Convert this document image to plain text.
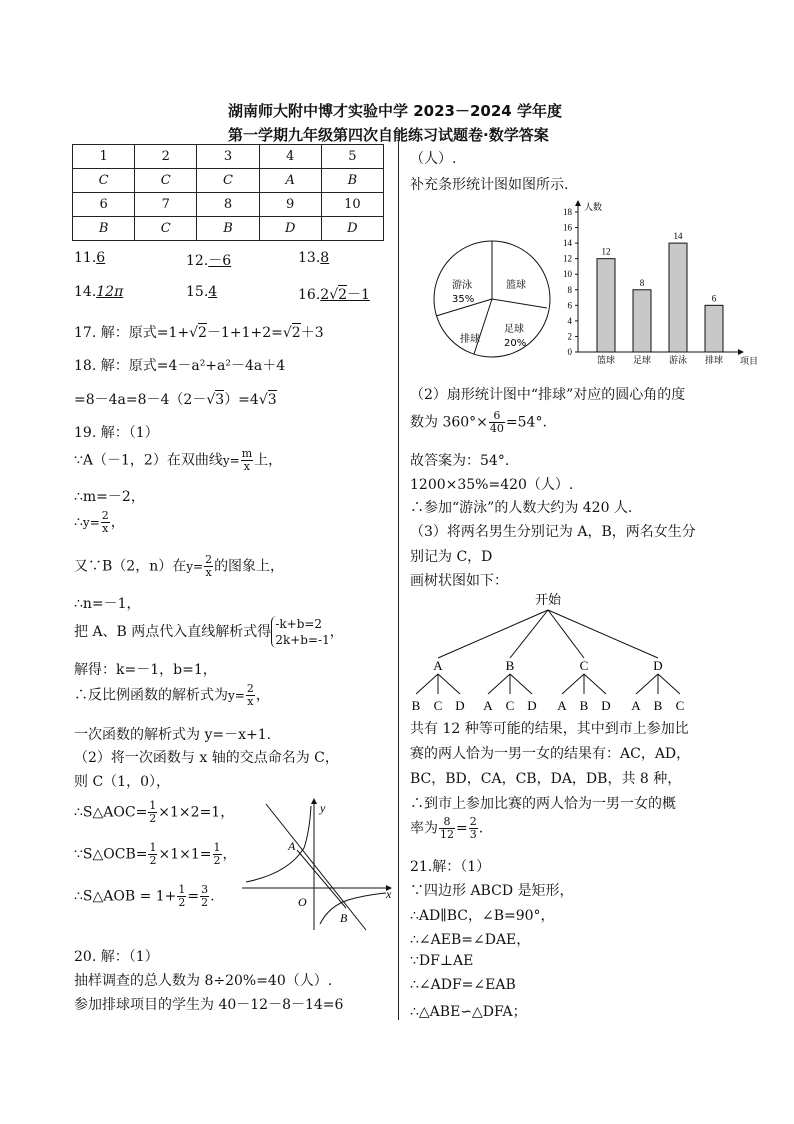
湖南师大附中博才实验中学 2023－2024 学年度
第一学期九年级第四次自能练习试题卷·数学答案
1	2	3	4	5
C	C	C	A	B
6	7	8	9	10
B	C	B	D	D
11.6	12.－6	13.8
14.12π	15.4	16.2√2－1
17. 解：原式=1+√2－1+1+2=√2＋3
18. 解：原式=4－a²+a²－4a＋4
=8－4a=8－4（2－√3）=4√3
19. 解：（1）
∵A（－1，2）在双曲线$y= \frac{m}{x}$ 上，
∴m=－2，
∴y= $\frac{2}{x}$ ，
又∵B（2，n）在$y= \frac{2}{x}$ 的图象上，
∴n=－1，
把 A、B 两点代入直线解析式得 -k+b=2
2k+b=-1 ，
解得：k=－1，b=1，
∴反比例函数的解析式为$y= \frac{2}{x}$ ，
一次函数的解析式为 y=－x+1.
（2）将一次函数与 x 轴的交点命名为 C，
则 C（1，0），
∴S△AOC= $\frac{1}{2} \times 1\times 2=1$，
∵S△OCB= $\frac{1}{2} \times 1\times 1= \frac{1}{2}$ ，
∴S△AOB = $1+ \frac{1}{2} = \frac{3}{2}$ .
20. 解：（1）
抽样调查的总人数为 8÷20%=40（人）.
参加排球项目的学生为 40－12－8－14=6
y
x
O
A
B
（人）.
补充条形统计图如图所示.
游泳
35%
篮球
足球
20%
排球
人数
项目
0
2
4
6
8
10
12
14
16
18
12
篮球
8
足球
14
游泳
6
排球
（2）扇形统计图中“排球”对应的圆心角的度
数为 $360^\circ\times \frac{6}{40} =54^\circ$.
故答案为：54°.
1200×35%=420（人）.
∴参加“游泳”的人数大约为 420 人.
（3）将两名男生分别记为 A，B，两名女生分
别记为 C，D
画树状图如下：
开始
A
B C D
B
A C D
C
A B D
D
A B C
共有 12 种等可能的结果，其中到市上参加比
赛的两人恰为一男一女的结果有：AC，AD，
BC，BD，CA，CB，DA，DB，共 8 种，
∴到市上参加比赛的两人恰为一男一女的概
率为 $\frac{8}{12} = \frac{2}{3}$ .
21.解：（1）
∵四边形 ABCD 是矩形，
∴AD∥BC，∠B=90°，
∴∠AEB=∠DAE，
∵DF⊥AE
∴∠ADF=∠EAB
∴△ABE∽△DFA；
